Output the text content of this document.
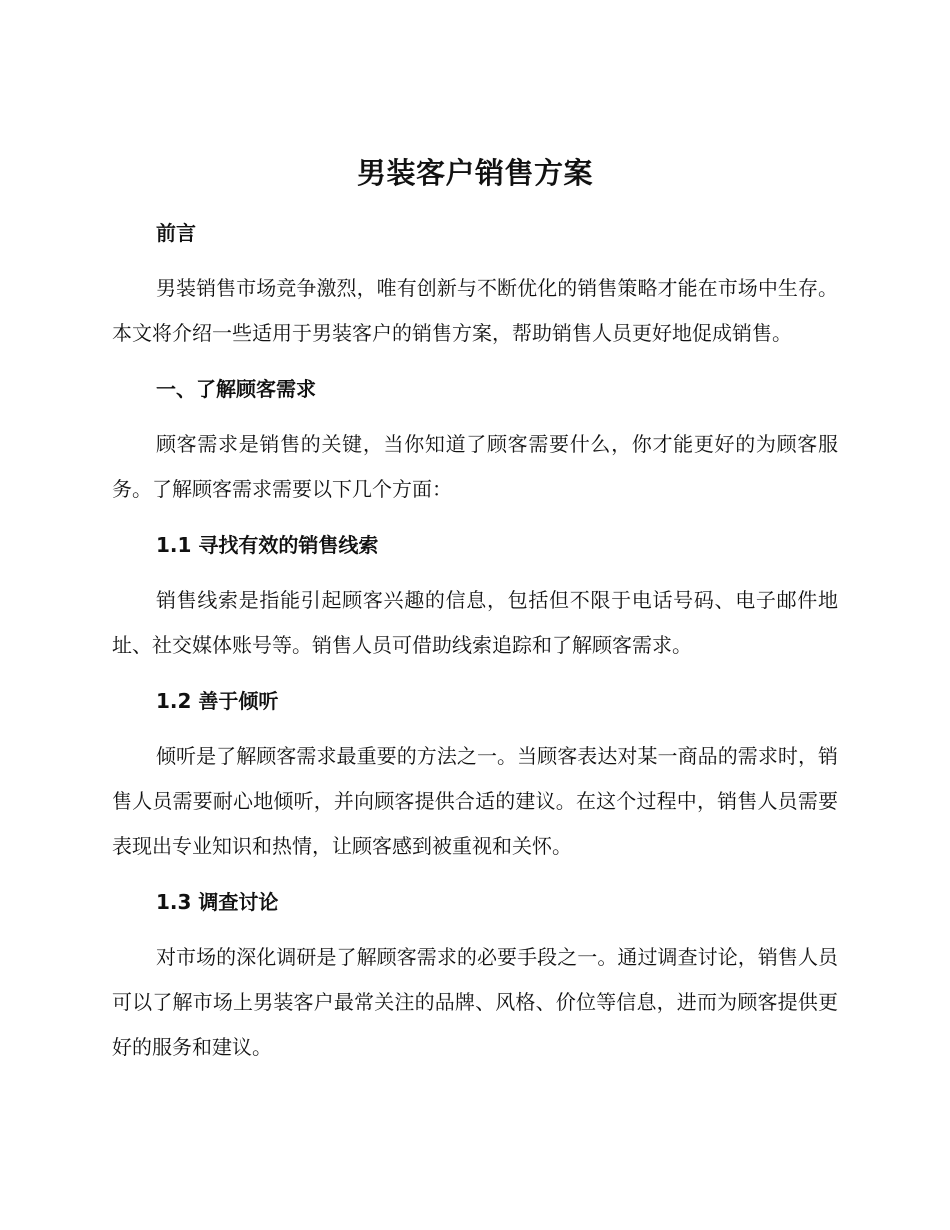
男装客户销售方案
前言

男装销售市场竞争激烈，唯有创新与不断优化的销售策略才能在市场中生存。本文将介绍一些适用于男装客户的销售方案，帮助销售人员更好地促成销售。

一、了解顾客需求

顾客需求是销售的关键，当你知道了顾客需要什么，你才能更好的为顾客服务。了解顾客需求需要以下几个方面：

1.1 寻找有效的销售线索

销售线索是指能引起顾客兴趣的信息，包括但不限于电话号码、电子邮件地址、社交媒体账号等。销售人员可借助线索追踪和了解顾客需求。

1.2 善于倾听

倾听是了解顾客需求最重要的方法之一。当顾客表达对某一商品的需求时，销售人员需要耐心地倾听，并向顾客提供合适的建议。在这个过程中，销售人员需要表现出专业知识和热情，让顾客感到被重视和关怀。

1.3 调查讨论

对市场的深化调研是了解顾客需求的必要手段之一。通过调查讨论，销售人员可以了解市场上男装客户最常关注的品牌、风格、价位等信息，进而为顾客提供更好的服务和建议。
